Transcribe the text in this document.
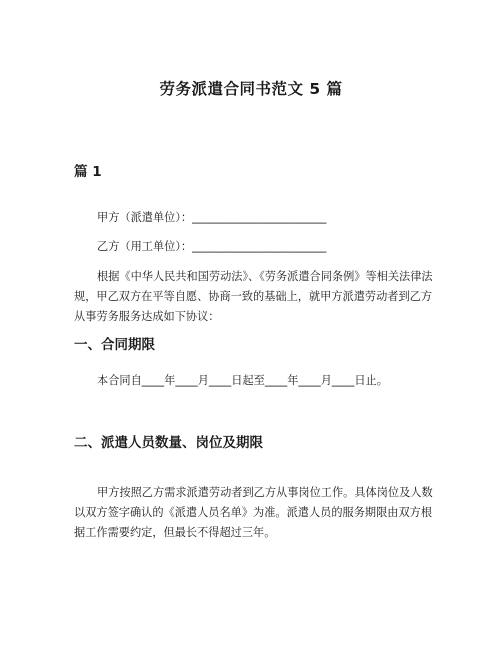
劳务派遣合同书范文 5 篇
篇 1
甲方（派遣单位）：________________________
乙方（用工单位）：________________________

根据《中华人民共和国劳动法》、《劳务派遣合同条例》等相关法律法规，甲乙双方在平等自愿、协商一致的基础上，就甲方派遣劳动者到乙方从事劳务服务达成如下协议：

一、合同期限
本合同自____年____月____日起至____年____月____日止。
二、派遣人员数量、岗位及期限

甲方按照乙方需求派遣劳动者到乙方从事岗位工作。具体岗位及人数以双方签字确认的《派遣人员名单》为准。派遣人员的服务期限由双方根据工作需要约定，但最长不得超过三年。
